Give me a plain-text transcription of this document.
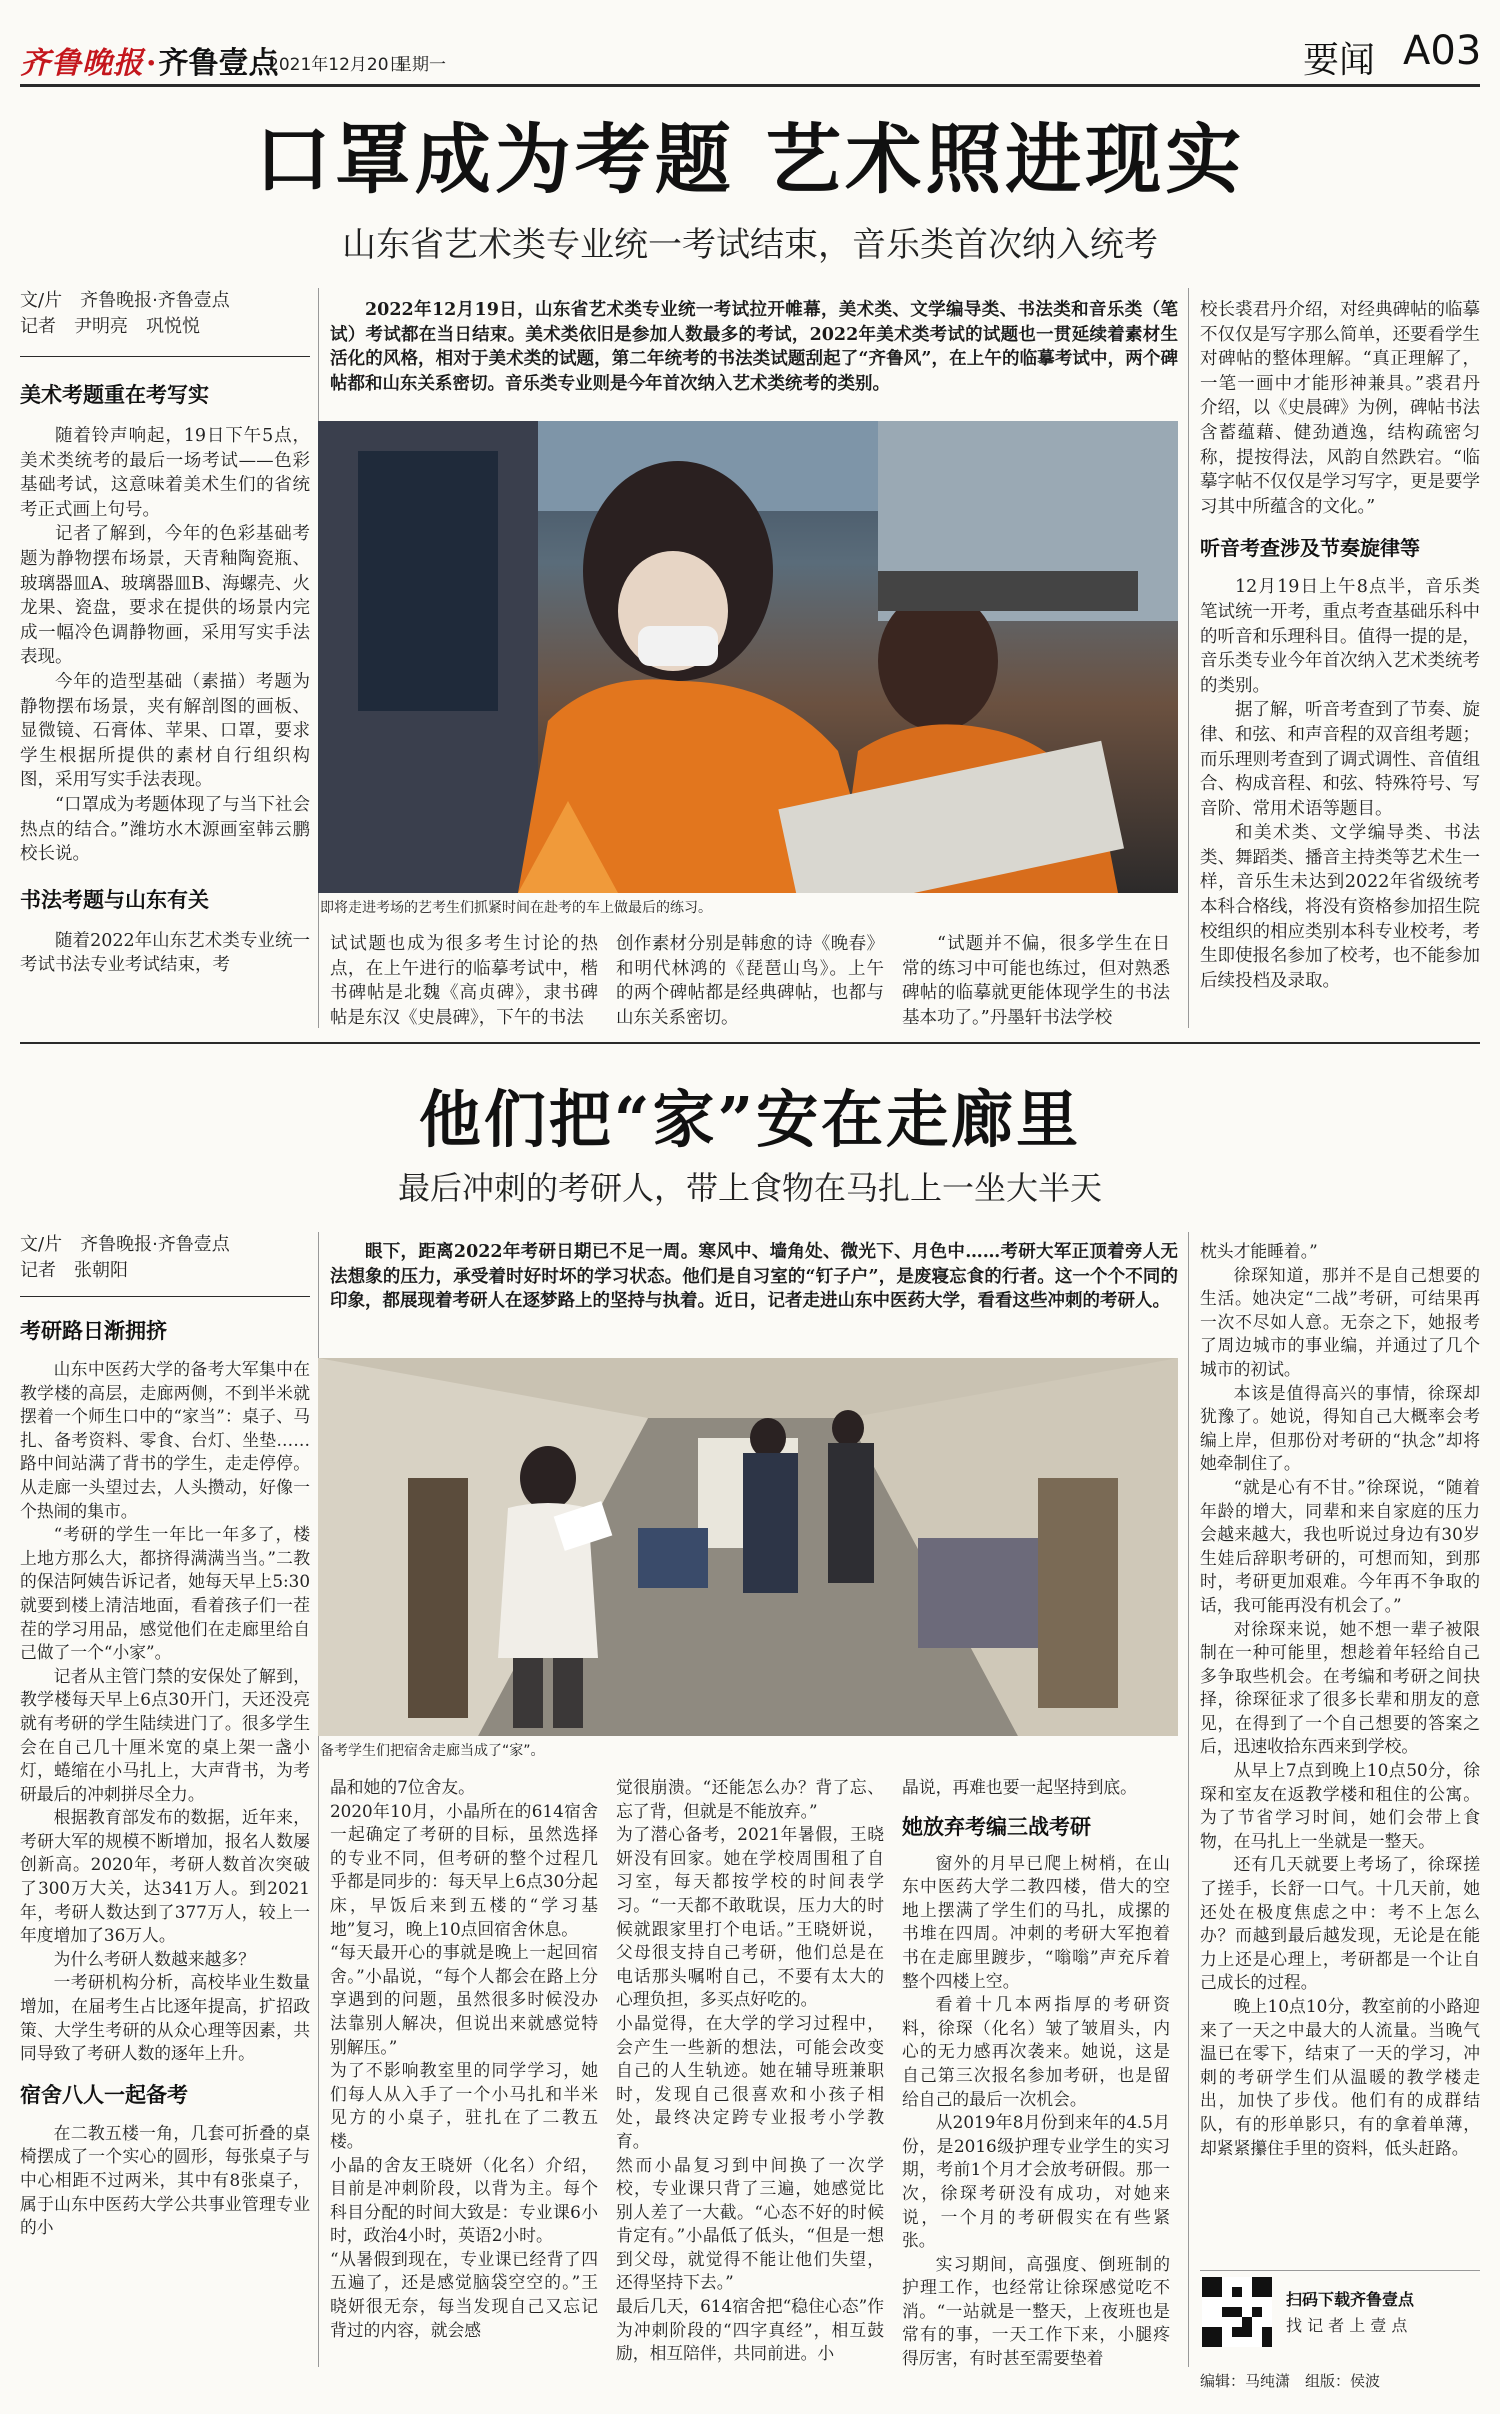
齐鲁晚报·齐鲁壹点
2021年12月20日
星期一	要闻 A03
口罩成为考题 艺术照进现实
山东省艺术类专业统一考试结束，音乐类首次纳入统考
文/片　齐鲁晚报·齐鲁壹点
记者　尹明亮　巩悦悦
美术考题重在考写实

随着铃声响起，19日下午5点，美术类统考的最后一场考试——色彩基础考试，这意味着美术生们的省统考正式画上句号。

记者了解到，今年的色彩基础考题为静物摆布场景，天青釉陶瓷瓶、玻璃器皿A、玻璃器皿B、海螺壳、火龙果、瓷盘，要求在提供的场景内完成一幅冷色调静物画，采用写实手法表现。

今年的造型基础（素描）考题为静物摆布场景，夹有解剖图的画板、显微镜、石膏体、苹果、口罩，要求学生根据所提供的素材自行组织构图，采用写实手法表现。

“口罩成为考题体现了与当下社会热点的结合。”潍坊水木源画室韩云鹏校长说。

书法考题与山东有关

随着2022年山东艺术类专业统一考试书法专业考试结束，考

2022年12月19日，山东省艺术类专业统一考试拉开帷幕，美术类、文学编导类、书法类和音乐类（笔试）考试都在当日结束。美术类依旧是参加人数最多的考试，2022年美术类考试的试题也一贯延续着素材生活化的风格，相对于美术类的试题，第二年统考的书法类试题刮起了“齐鲁风”，在上午的临摹考试中，两个碑帖都和山东关系密切。音乐类专业则是今年首次纳入艺术类统考的类别。
即将走进考场的艺考生们抓紧时间在赴考的车上做最后的练习。
试试题也成为很多考生讨论的热点，在上午进行的临摹考试中，楷书碑帖是北魏《高贞碑》，隶书碑帖是东汉《史晨碑》，下午的书法
创作素材分别是韩愈的诗《晚春》和明代林鸿的《琵琶山鸟》。上午的两个碑帖都是经典碑帖，也都与山东关系密切。
“试题并不偏，很多学生在日常的练习中可能也练过，但对熟悉碑帖的临摹就更能体现学生的书法基本功了。”丹墨轩书法学校

校长裘君丹介绍，对经典碑帖的临摹不仅仅是写字那么简单，还要看学生对碑帖的整体理解。“真正理解了，一笔一画中才能形神兼具。”裘君丹介绍，以《史晨碑》为例，碑帖书法含蓄蕴藉、健劲遒逸，结构疏密匀称，提按得法，风韵自然跌宕。“临摹字帖不仅仅是学习写字，更是要学习其中所蕴含的文化。”

听音考查涉及节奏旋律等

12月19日上午8点半，音乐类笔试统一开考，重点考查基础乐科中的听音和乐理科目。值得一提的是，音乐类专业今年首次纳入艺术类统考的类别。

据了解，听音考查到了节奏、旋律、和弦、和声音程的双音组考题；而乐理则考查到了调式调性、音值组合、构成音程、和弦、特殊符号、写音阶、常用术语等题目。

和美术类、文学编导类、书法类、舞蹈类、播音主持类等艺术生一样，音乐生未达到2022年省级统考本科合格线，将没有资格参加招生院校组织的相应类别本科专业校考，考生即使报名参加了校考，也不能参加后续投档及录取。

他们把“家”安在走廊里
最后冲刺的考研人，带上食物在马扎上一坐大半天
文/片　齐鲁晚报·齐鲁壹点
记者　张朝阳
考研路日渐拥挤

山东中医药大学的备考大军集中在教学楼的高层，走廊两侧，不到半米就摆着一个师生口中的“家当”：桌子、马扎、备考资料、零食、台灯、坐垫……路中间站满了背书的学生，走走停停。从走廊一头望过去，人头攒动，好像一个热闹的集市。

“考研的学生一年比一年多了，楼上地方那么大，都挤得满满当当。”二教的保洁阿姨告诉记者，她每天早上5:30就要到楼上清洁地面，看着孩子们一茬茬的学习用品，感觉他们在走廊里给自己做了一个“小家”。

记者从主管门禁的安保处了解到，教学楼每天早上6点30开门，天还没亮就有考研的学生陆续进门了。很多学生会在自己几十厘米宽的桌上架一盏小灯，蜷缩在小马扎上，大声背书，为考研最后的冲刺拼尽全力。

根据教育部发布的数据，近年来，考研大军的规模不断增加，报名人数屡创新高。2020年，考研人数首次突破了300万大关，达341万人。到2021年，考研人数达到了377万人，较上一年度增加了36万人。

为什么考研人数越来越多？

一考研机构分析，高校毕业生数量增加，在届考生占比逐年提高，扩招政策、大学生考研的从众心理等因素，共同导致了考研人数的逐年上升。

宿舍八人一起备考

在二教五楼一角，几套可折叠的桌椅摆成了一个实心的圆形，每张桌子与中心相距不过两米，其中有8张桌子，属于山东中医药大学公共事业管理专业的小

眼下，距离2022年考研日期已不足一周。寒风中、墙角处、微光下、月色中……考研大军正顶着旁人无法想象的压力，承受着时好时坏的学习状态。他们是自习室的“钉子户”，是废寝忘食的行者。这一个个不同的印象，都展现着考研人在逐梦路上的坚持与执着。近日，记者走进山东中医药大学，看看这些冲刺的考研人。
备考学生们把宿舍走廊当成了“家”。
晶和她的7位舍友。
2020年10月，小晶所在的614宿舍一起确定了考研的目标，虽然选择的专业不同，但考研的整个过程几乎都是同步的：每天早上6点30分起床，早饭后来到五楼的“学习基地”复习，晚上10点回宿舍休息。
“每天最开心的事就是晚上一起回宿舍。”小晶说，“每个人都会在路上分享遇到的问题，虽然很多时候没办法靠别人解决，但说出来就感觉特别解压。”
为了不影响教室里的同学学习，她们每人从入手了一个小马扎和半米见方的小桌子，驻扎在了二教五楼。
小晶的舍友王晓妍（化名）介绍，目前是冲刺阶段，以背为主。每个科目分配的时间大致是：专业课6小时，政治4小时，英语2小时。
“从暑假到现在，专业课已经背了四五遍了，还是感觉脑袋空空的。”王晓妍很无奈，每当发现自己又忘记背过的内容，就会感
觉很崩溃。“还能怎么办？背了忘、忘了背，但就是不能放弃。”
为了潜心备考，2021年暑假，王晓妍没有回家。她在学校周围租了自习室，每天都按学校的时间表学习。“一天都不敢耽误，压力大的时候就跟家里打个电话。”王晓妍说，父母很支持自己考研，他们总是在电话那头嘱咐自己，不要有太大的心理负担，多买点好吃的。
小晶觉得，在大学的学习过程中，会产生一些新的想法，可能会改变自己的人生轨迹。她在辅导班兼职时，发现自己很喜欢和小孩子相处，最终决定跨专业报考小学教育。
然而小晶复习到中间换了一次学校，专业课只背了三遍，她感觉比别人差了一大截。“心态不好的时候肯定有。”小晶低了低头，“但是一想到父母，就觉得不能让他们失望，还得坚持下去。”
最后几天，614宿舍把“稳住心态”作为冲刺阶段的“四字真经”，相互鼓励，相互陪伴，共同前进。小

晶说，再难也要一起坚持到底。

她放弃考编三战考研

窗外的月早已爬上树梢，在山东中医药大学二教四楼，借大的空地上摆满了学生们的马扎，成摞的书堆在四周。冲刺的考研大军抱着书在走廊里踱步，“嗡嗡”声充斥着整个四楼上空。

看着十几本两指厚的考研资料，徐琛（化名）皱了皱眉头，内心的无力感再次袭来。她说，这是自己第三次报名参加考研，也是留给自己的最后一次机会。

从2019年8月份到来年的4.5月份，是2016级护理专业学生的实习期，考前1个月才会放考研假。那一次，徐琛考研没有成功，对她来说，一个月的考研假实在有些紧张。

实习期间，高强度、倒班制的护理工作，也经常让徐琛感觉吃不消。“一站就是一整天，上夜班也是常有的事，一天工作下来，小腿疼得厉害，有时甚至需要垫着

枕头才能睡着。”

徐琛知道，那并不是自己想要的生活。她决定“二战”考研，可结果再一次不尽如人意。无奈之下，她报考了周边城市的事业编，并通过了几个城市的初试。

本该是值得高兴的事情，徐琛却犹豫了。她说，得知自己大概率会考编上岸，但那份对考研的“执念”却将她牵制住了。

“就是心有不甘。”徐琛说，“随着年龄的增大，同辈和来自家庭的压力会越来越大，我也听说过身边有30岁生娃后辞职考研的，可想而知，到那时，考研更加艰难。今年再不争取的话，我可能再没有机会了。”

对徐琛来说，她不想一辈子被限制在一种可能里，想趁着年轻给自己多争取些机会。在考编和考研之间抉择，徐琛征求了很多长辈和朋友的意见，在得到了一个自己想要的答案之后，迅速收拾东西来到学校。

从早上7点到晚上10点50分，徐琛和室友在返教学楼和租住的公寓。为了节省学习时间，她们会带上食物，在马扎上一坐就是一整天。

还有几天就要上考场了，徐琛搓了搓手，长舒一口气。十几天前，她还处在极度焦虑之中：考不上怎么办？而越到最后越发现，无论是在能力上还是心理上，考研都是一个让自己成长的过程。

晚上10点10分，教室前的小路迎来了一天之中最大的人流量。当晚气温已在零下，结束了一天的学习，冲刺的考研学生们从温暖的教学楼走出，加快了步伐。他们有的成群结队，有的形单影只，有的拿着单薄，却紧紧攥住手里的资料，低头赶路。

扫码下载齐鲁壹点
找 记 者 上 壹 点
编辑：马纯潇　组版：侯波
